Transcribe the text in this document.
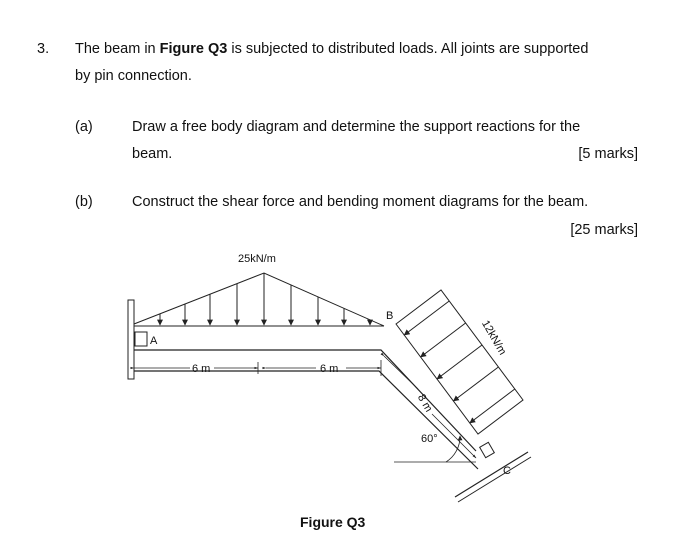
3. The beam in Figure Q3 is subjected to distributed loads. All joints are supported
by pin connection.
(a)	Draw a free body diagram and determine the support reactions for the
beam.	[5 marks]
(b)	Construct the shear force and bending moment diagrams for the beam.
[25 marks]
25kN/m
A
B
C
6 m	6 m
8 m
60°
12kN/m
Figure Q3
